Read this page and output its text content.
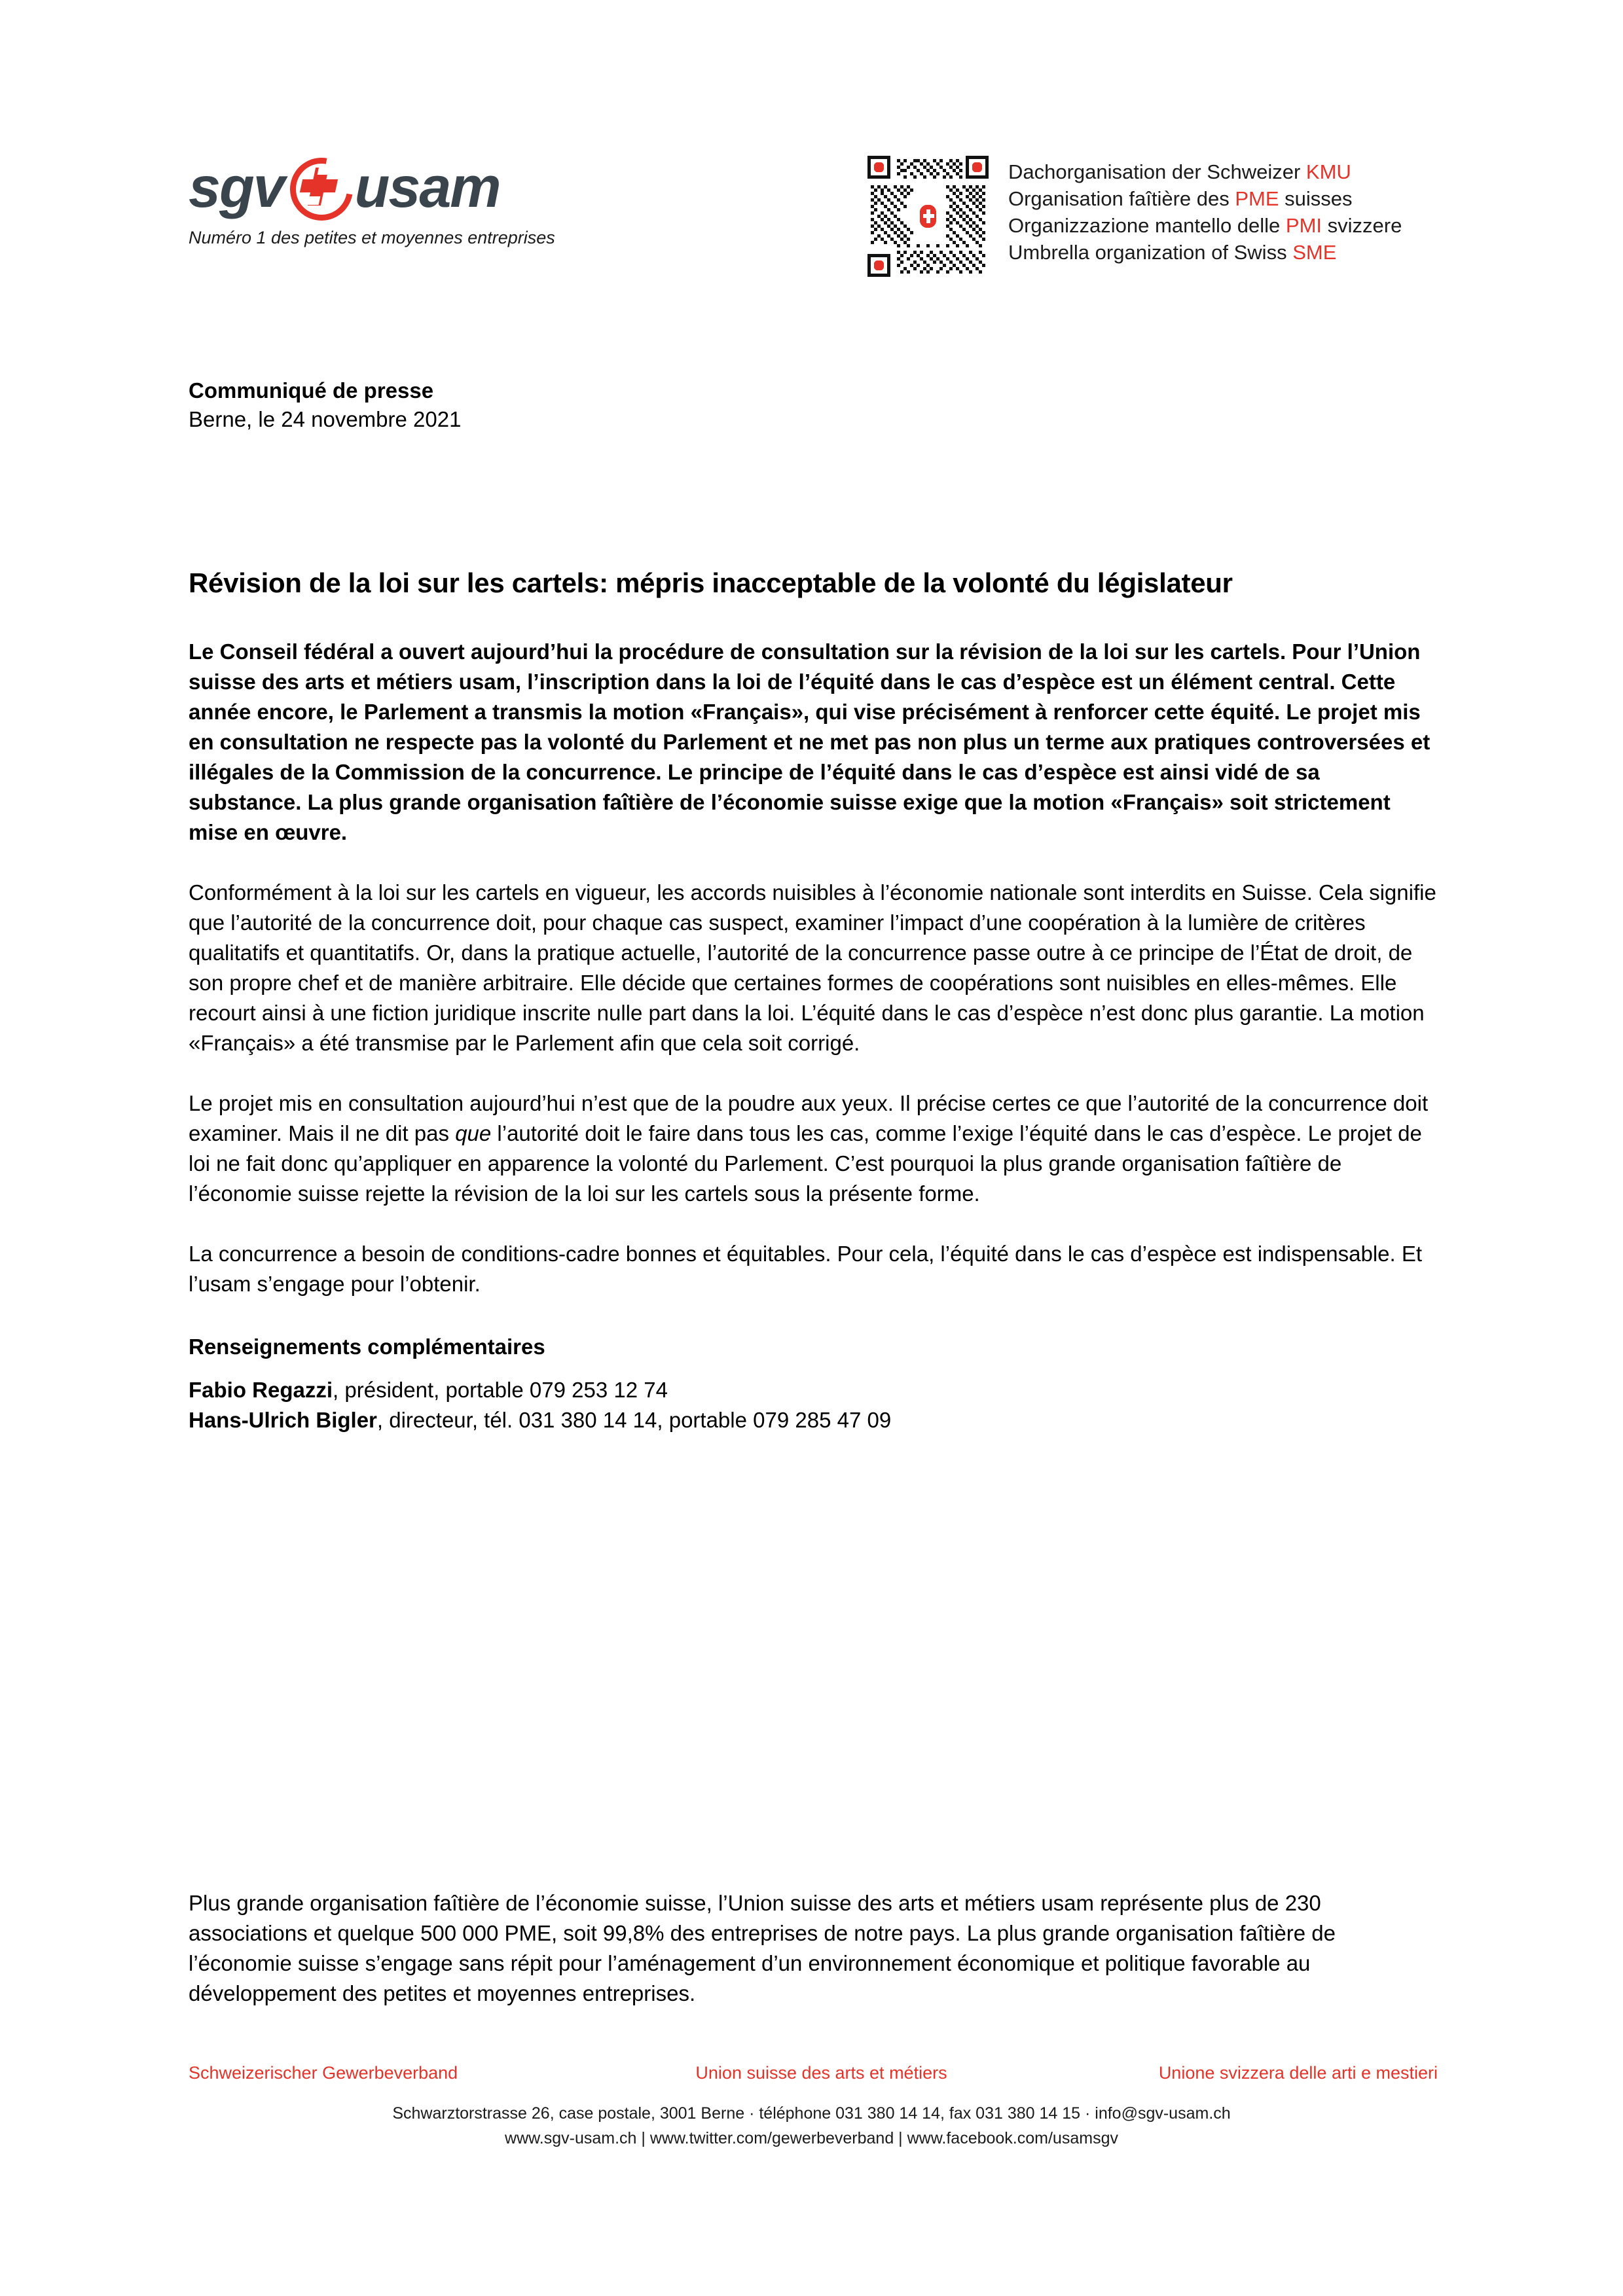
sgv usam
Numéro 1 des petites et moyennes entreprises
Dachorganisation der Schweizer KMU
Organisation faîtière des PME suisses
Organizzazione mantello delle PMI svizzere
Umbrella organization of Swiss SME
Communiqué de presse
Berne, le 24 novembre 2021
Révision de la loi sur les cartels: mépris inacceptable de la volonté du législateur

Le Conseil fédéral a ouvert aujourd’hui la procédure de consultation sur la révision de la loi sur les cartels. Pour l’Union suisse des arts et métiers usam, l’inscription dans la loi de l’équité dans le cas d’espèce est un élément central. Cette année encore, le Parlement a transmis la motion «Français», qui vise précisément à renforcer cette équité. Le projet mis en consultation ne respecte pas la volonté du Parlement et ne met pas non plus un terme aux pratiques controversées et illégales de la Commission de la concurrence. Le principe de l’équité dans le cas d’espèce est ainsi vidé de sa substance. La plus grande organisation faîtière de l’économie suisse exige que la motion «Français» soit strictement mise en œuvre.

Conformément à la loi sur les cartels en vigueur, les accords nuisibles à l’économie nationale sont interdits en Suisse. Cela signifie que l’autorité de la concurrence doit, pour chaque cas suspect, examiner l’impact d’une coopération à la lumière de critères qualitatifs et quantitatifs. Or, dans la pratique actuelle, l’autorité de la concurrence passe outre à ce principe de l’État de droit, de son propre chef et de manière arbitraire. Elle décide que certaines formes de coopérations sont nuisibles en elles-mêmes. Elle recourt ainsi à une fiction juridique inscrite nulle part dans la loi. L’équité dans le cas d’espèce n’est donc plus garantie. La motion «Français» a été transmise par le Parlement afin que cela soit corrigé.

Le projet mis en consultation aujourd’hui n’est que de la poudre aux yeux. Il précise certes ce que l’autorité de la concurrence doit examiner. Mais il ne dit pas que l’autorité doit le faire dans tous les cas, comme l’exige l’équité dans le cas d’espèce. Le projet de loi ne fait donc qu’appliquer en apparence la volonté du Parlement. C’est pourquoi la plus grande organisation faîtière de l’économie suisse rejette la révision de la loi sur les cartels sous la présente forme.

La concurrence a besoin de conditions-cadre bonnes et équitables. Pour cela, l’équité dans le cas d’espèce est indispensable. Et l’usam s’engage pour l’obtenir.

Renseignements complémentaires
Fabio Regazzi, président, portable 079 253 12 74
Hans-Ulrich Bigler, directeur, tél. 031 380 14 14, portable 079 285 47 09
Plus grande organisation faîtière de l’économie suisse, l’Union suisse des arts et métiers usam représente plus de 230 associations et quelque 500 000 PME, soit 99,8% des entreprises de notre pays. La plus grande organisation faîtière de l’économie suisse s’engage sans répit pour l’aménagement d’un environnement économique et politique favorable au développement des petites et moyennes entreprises.
Schweizerischer Gewerbeverband	Union suisse des arts et métiers	Unione svizzera delle arti e mestieri
Schwarztorstrasse 26, case postale, 3001 Berne · téléphone 031 380 14 14, fax 031 380 14 15 · info@sgv-usam.ch
www.sgv-usam.ch | www.twitter.com/gewerbeverband | www.facebook.com/usamsgv
